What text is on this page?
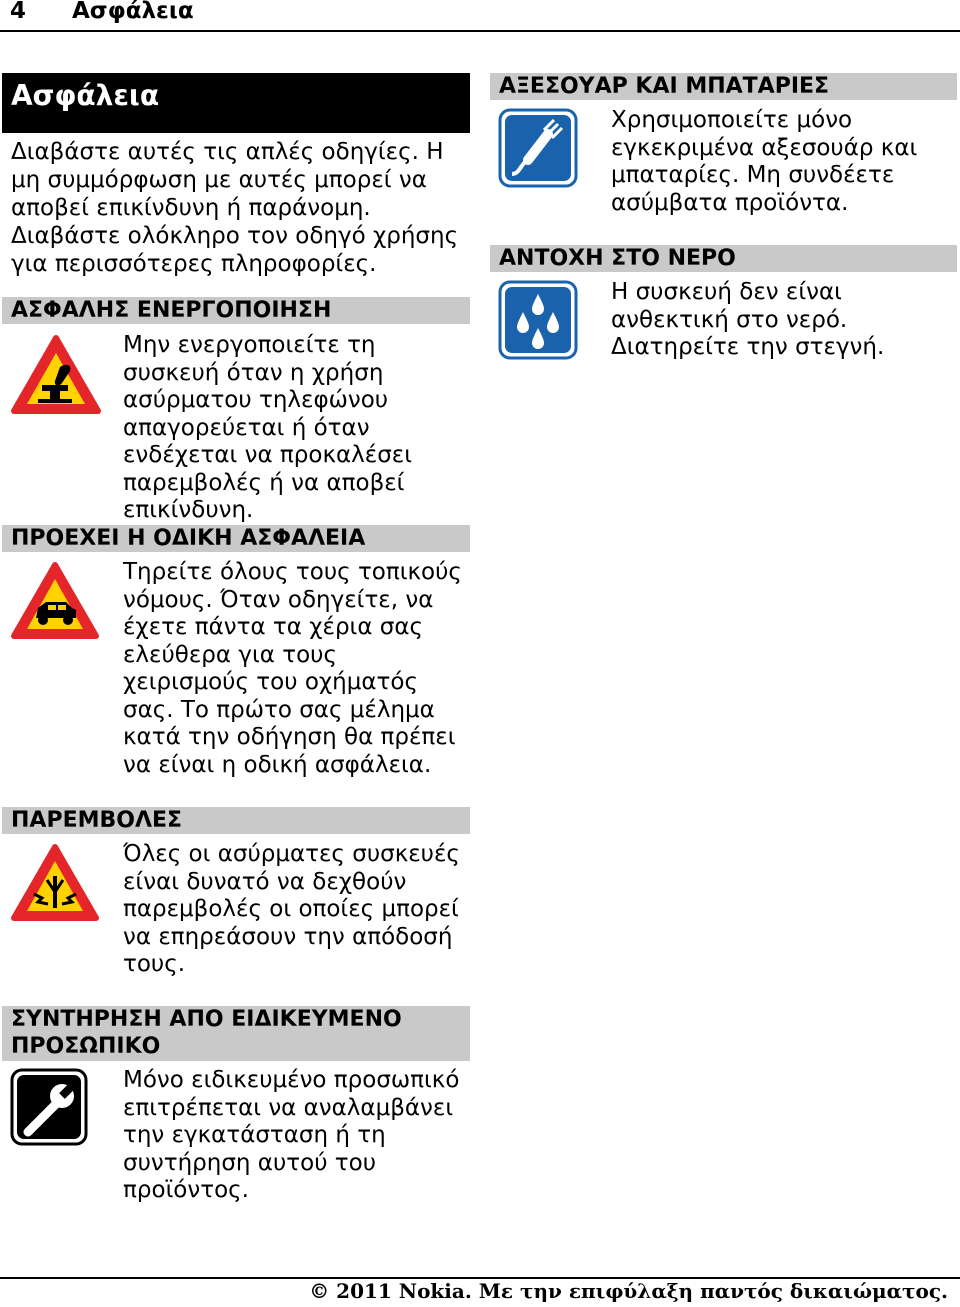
4 Ασφάλεια
Ασφάλεια
Διαβάστε αυτές τις απλές οδηγίες. Η μη συμμόρφωση με αυτές μπορεί να αποβεί επικίνδυνη ή παράνομη. Διαβάστε ολόκληρο τον οδηγό χρήσης για περισσότερες πληροφορίες.
ΑΣΦΑΛΗΣ ΕΝΕΡΓΟΠΟΙΗΣΗ
Μην ενεργοποιείτε τη συσκευή όταν η χρήση ασύρματου τηλεφώνου απαγορεύεται ή όταν ενδέχεται να προκαλέσει παρεμβολές ή να αποβεί επικίνδυνη.
ΠΡΟΕΧΕΙ Η ΟΔΙΚΗ ΑΣΦΑΛΕΙΑ
Τηρείτε όλους τους τοπικούς νόμους. Όταν οδηγείτε, να έχετε πάντα τα χέρια σας ελεύθερα για τους χειρισμούς του οχήματός σας. Το πρώτο σας μέλημα κατά την οδήγηση θα πρέπει να είναι η οδική ασφάλεια.
ΠΑΡΕΜΒΟΛΕΣ
Όλες οι ασύρματες συσκευές είναι δυνατό να δεχθούν παρεμβολές οι οποίες μπορεί να επηρεάσουν την απόδοσή τους.
ΣΥΝΤΗΡΗΣΗ ΑΠΟ ΕΙΔΙΚΕΥΜΕΝΟ ΠΡΟΣΩΠΙΚΟ
Μόνο ειδικευμένο προσωπικό επιτρέπεται να αναλαμβάνει την εγκατάσταση ή τη συντήρηση αυτού του προϊόντος.
ΑΞΕΣΟΥΑΡ ΚΑΙ ΜΠΑΤΑΡΙΕΣ
Χρησιμοποιείτε μόνο εγκεκριμένα αξεσουάρ και μπαταρίες. Μη συνδέετε ασύμβατα προϊόντα.
ΑΝΤΟΧΗ ΣΤΟ ΝΕΡΟ
Η συσκευή δεν είναι ανθεκτική στο νερό. Διατηρείτε την στεγνή.
© 2011 Nokia. Με την επιφύλαξη παντός δικαιώματος.
